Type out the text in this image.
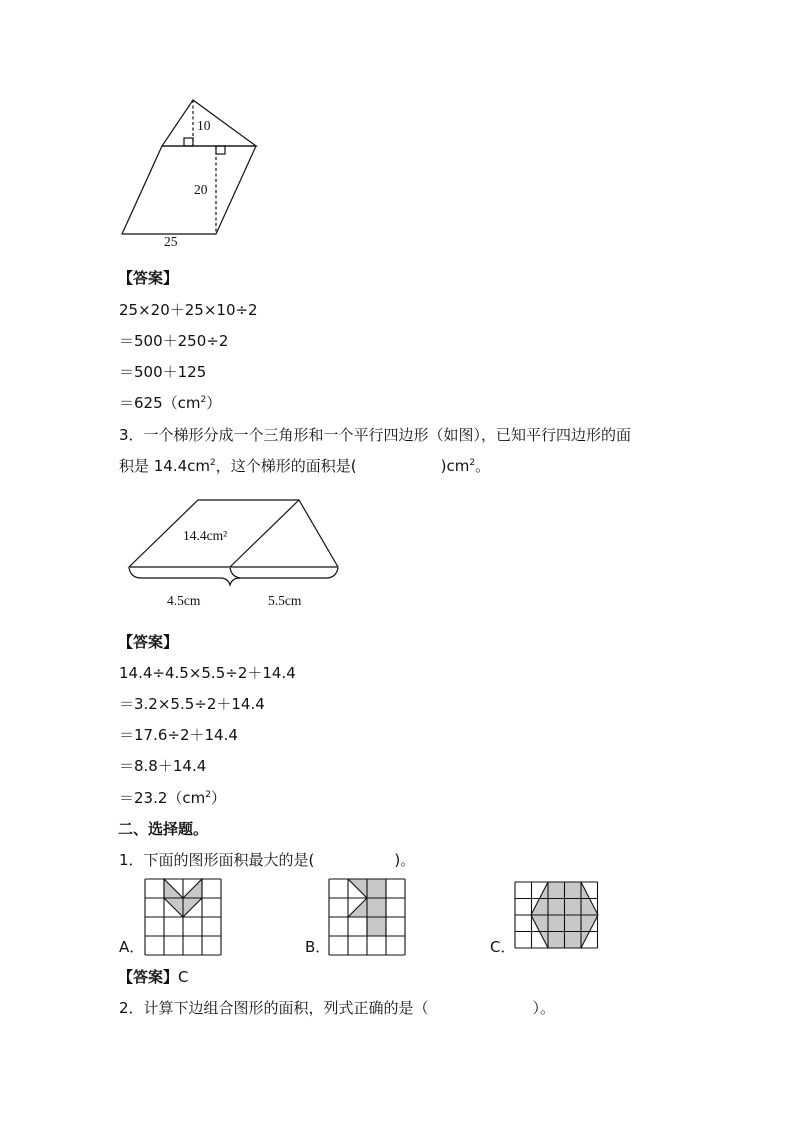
10
20
25
【答案】
25×20＋25×10÷2
＝500＋250÷2
＝500＋125
$=625(cm^2)$
3．一个梯形分成一个三角形和一个平行四边形（如图），已知平行四边形的面
积是 $14.4cm^2$，这个梯形的面积是(	)$cm^2$。
14.4cm²
4.5cm	5.5cm
【答案】
14.4÷4.5×5.5÷2＋14.4
＝3.2×5.5÷2＋14.4
＝17.6÷2＋14.4
＝8.8＋14.4
$=23.2(cm^2)$
二、选择题。
1．下面的图形面积最大的是(	)。
A．	B．	C．
【答案】C
2．计算下边组合图形的面积，列式正确的是（	）。
